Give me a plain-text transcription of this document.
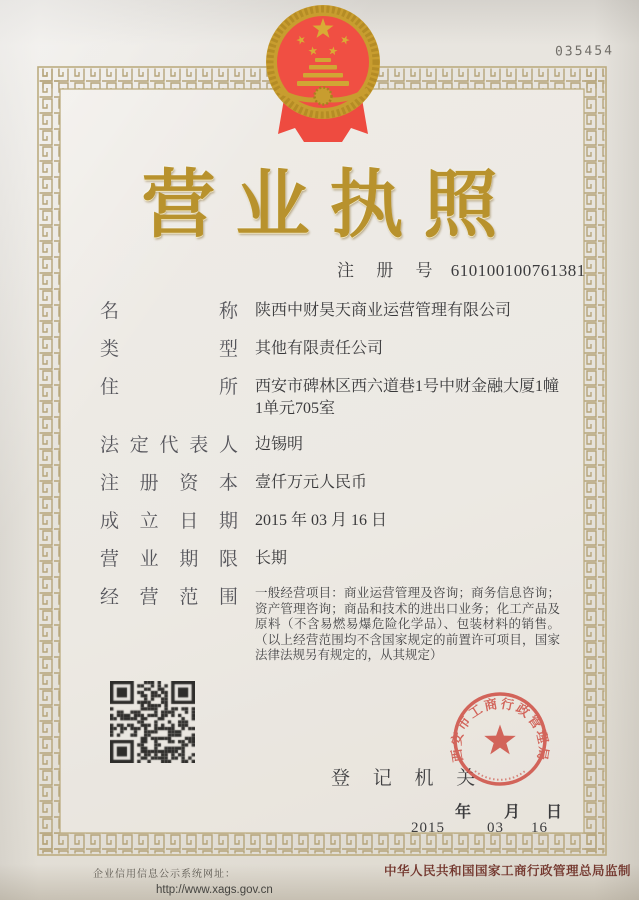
035454
营业执照
注 册 号 610100100761381
名称 陕西中财昊天商业运营管理有限公司
类型 其他有限责任公司
住所 西安市碑林区西六道巷1号中财金融大厦1幢1单元705室
法定代表人 边锡明
注册资本 壹仟万元人民币
成立日期 2015 年 03 月 16 日
营业期限 长期
经营范围 一般经营项目：商业运营管理及咨询；商务信息咨询；资产管理咨询；商品和技术的进出口业务；化工产品及原料（不含易燃易爆危险化学品）、包装材料的销售。（以上经营范围均不含国家规定的前置许可项目，国家法律法规另有规定的，从其规定）
登 记 机 关
西安市工商行政管理局
年 月 日
2015	03 16
企业信用信息公示系统网址：
http://www.xags.gov.cn
中华人民共和国国家工商行政管理总局监制
